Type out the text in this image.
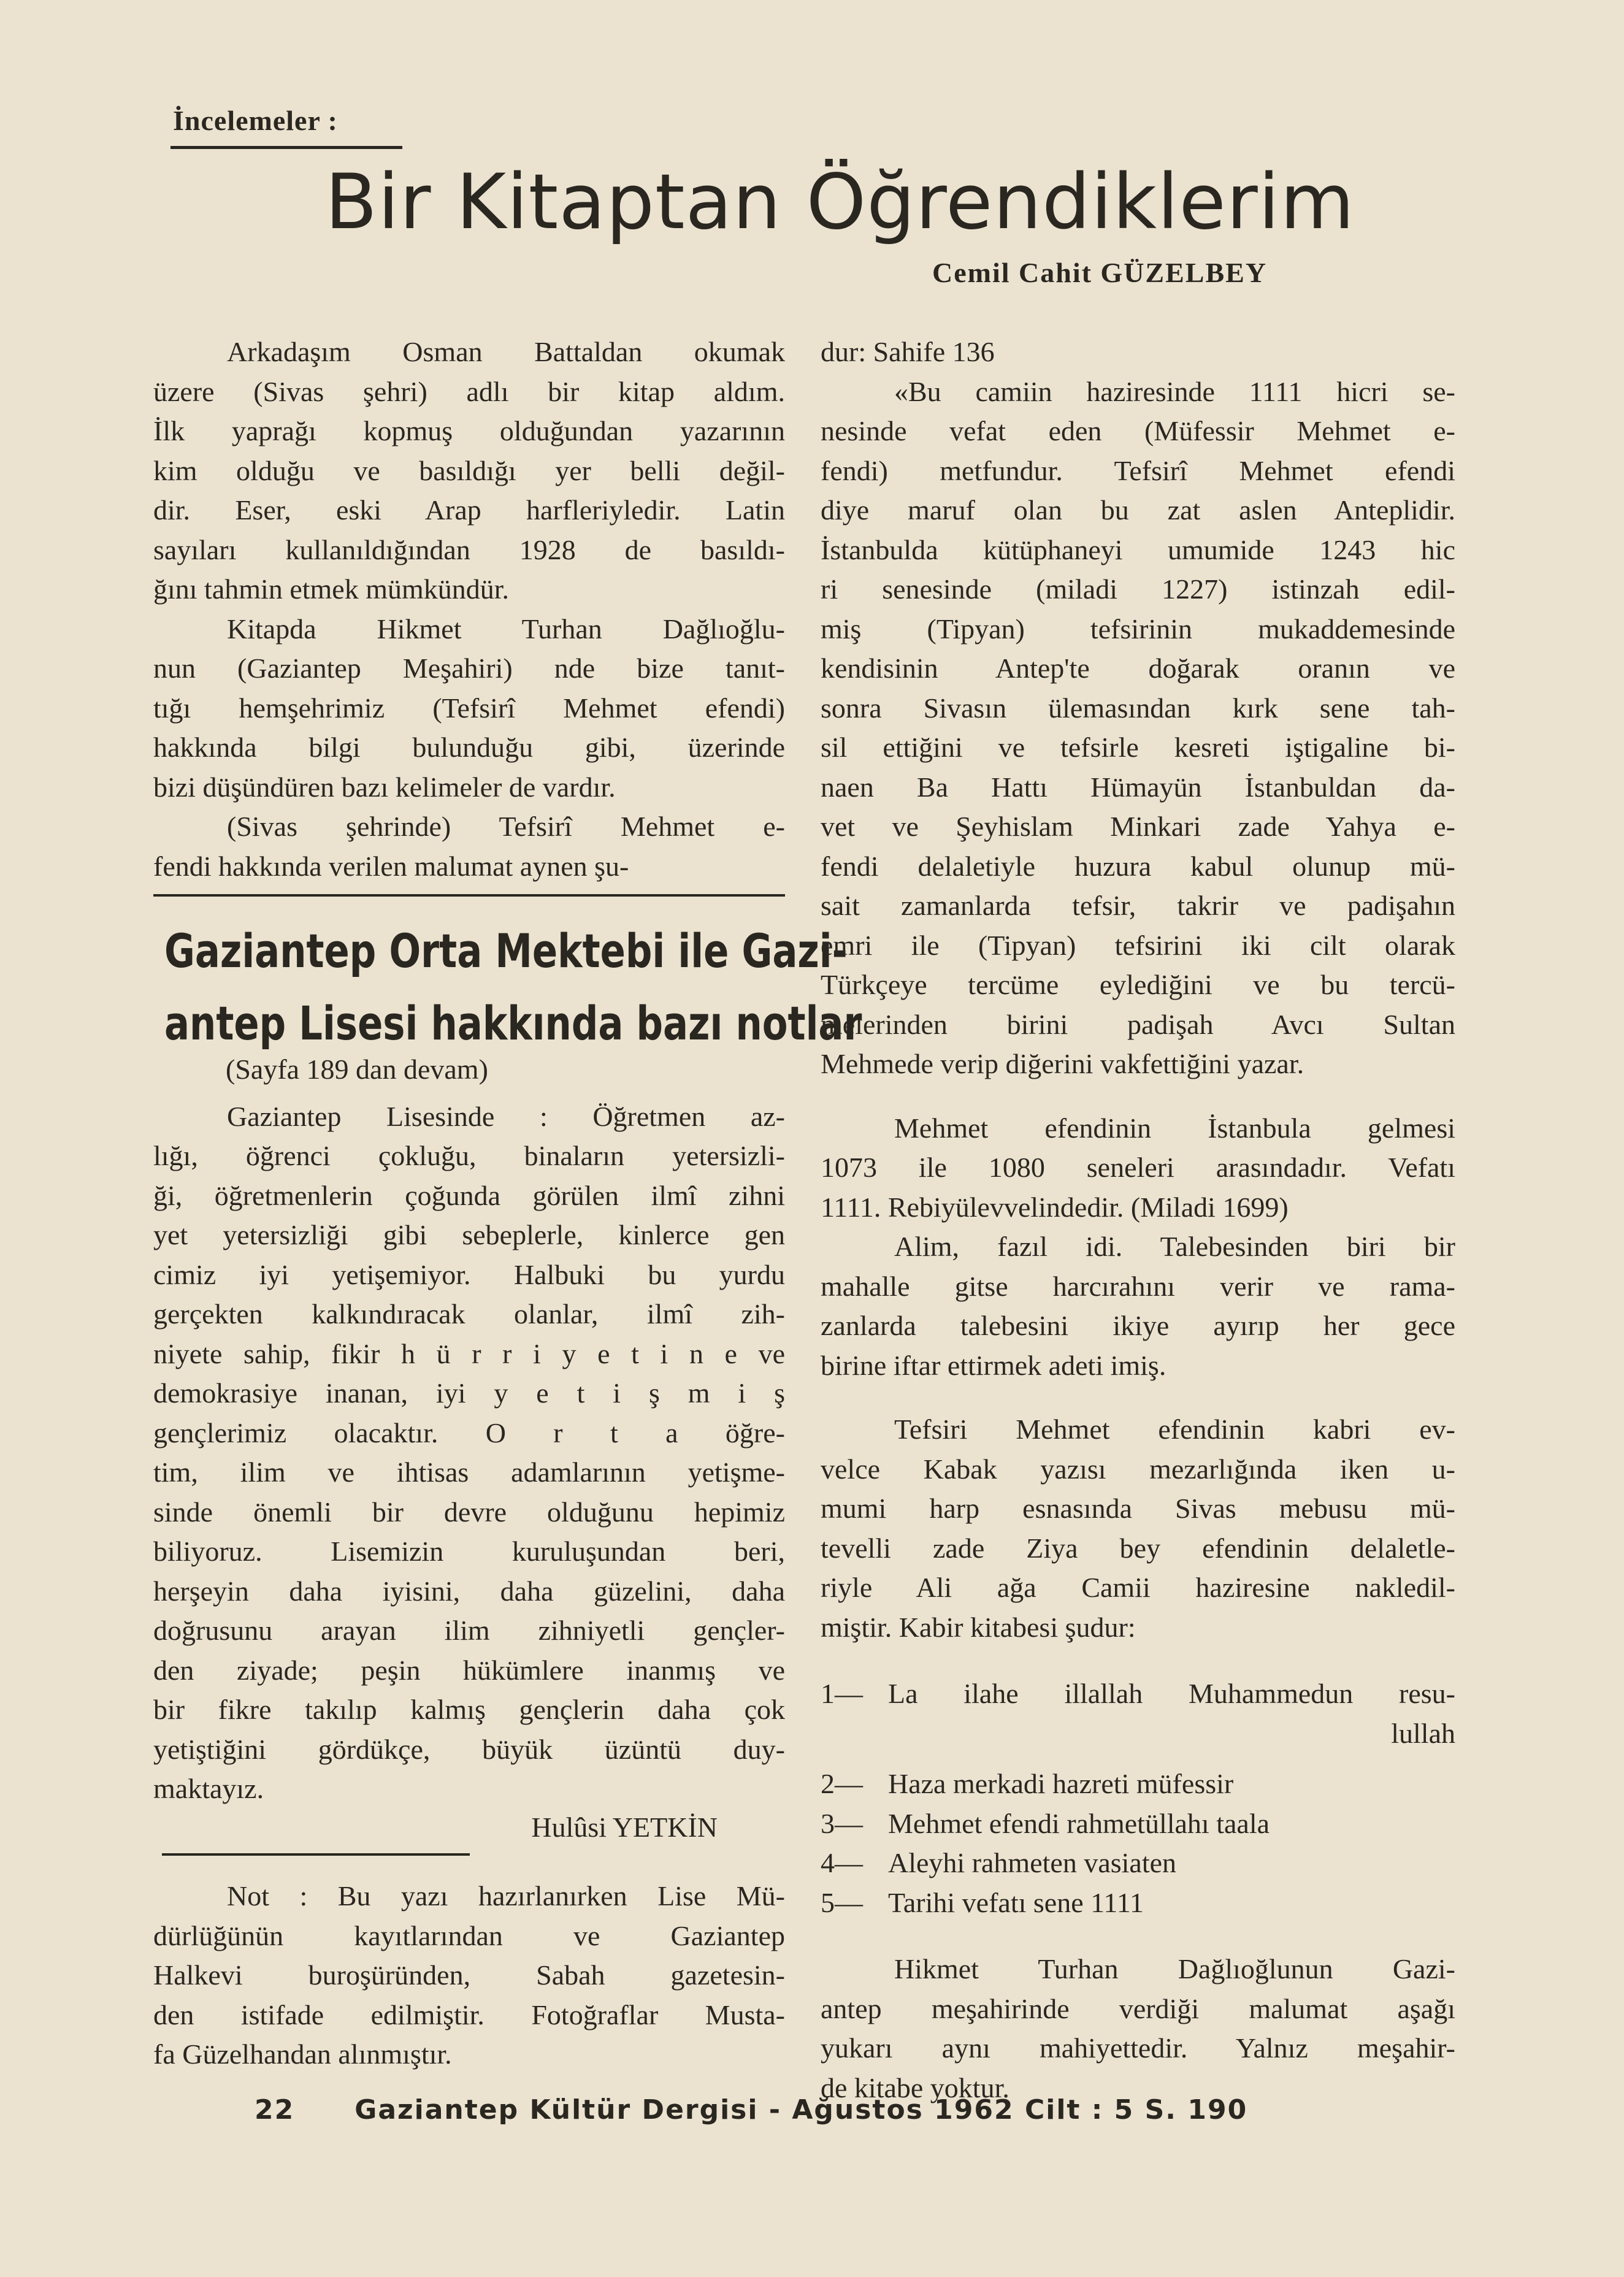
İncelemeler :
Bir Kitaptan Öğrendiklerim
Cemil Cahit GÜZELBEY

Arkadaşım Osman Battaldan okumak

üzere (Sivas şehri) adlı bir kitap aldım.

İlk yaprağı kopmuş olduğundan yazarının

kim olduğu ve basıldığı yer belli değil-

dir. Eser, eski Arap harfleriyledir. Latin

sayıları kullanıldığından 1928 de basıldı-

ğını tahmin etmek mümkündür.

Kitapda Hikmet Turhan Dağlıoğlu-

nun (Gaziantep Meşahiri) nde bize tanıt-

tığı hemşehrimiz (Tefsirî Mehmet efendi)

hakkında bilgi bulunduğu gibi, üzerinde

bizi düşündüren bazı kelimeler de vardır.

(Sivas şehrinde) Tefsirî Mehmet e-

fendi hakkında verilen malumat aynen şu-

Gaziantep Orta Mektebi ile Gazi-
antep Lisesi hakkında bazı notlar
(Sayfa 189 dan devam)

Gaziantep Lisesinde : Öğretmen az-

lığı, öğrenci çokluğu, binaların yetersizli-

ği, öğretmenlerin çoğunda görülen ilmî zihni

yet yetersizliği gibi sebeplerle, kinlerce gen

cimiz iyi yetişemiyor. Halbuki bu yurdu

gerçekten kalkındıracak olanlar, ilmî zih-

niyete sahip, fikir h ü r r i y e t i n e ve

demokrasiye inanan, iyi y e t i ş m i ş

gençlerimiz olacaktır. O r t a öğre-

tim, ilim ve ihtisas adamlarının yetişme-

sinde önemli bir devre olduğunu hepimiz

biliyoruz. Lisemizin kuruluşundan beri,

herşeyin daha iyisini, daha güzelini, daha

doğrusunu arayan ilim zihniyetli gençler-

den ziyade; peşin hükümlere inanmış ve

bir fikre takılıp kalmış gençlerin daha çok

yetiştiğini gördükçe, büyük üzüntü duy-

maktayız.

Hulûsi YETKİN

Not : Bu yazı hazırlanırken Lise Mü-

dürlüğünün kayıtlarından ve Gaziantep

Halkevi buroşüründen, Sabah gazetesin-

den istifade edilmiştir. Fotoğraflar Musta-

fa Güzelhandan alınmıştır.

dur: Sahife 136

«Bu camiin haziresinde 1111 hicri se-

nesinde vefat eden (Müfessir Mehmet e-

fendi) metfundur. Tefsirî Mehmet efendi

diye maruf olan bu zat aslen Anteplidir.

İstanbulda kütüphaneyi umumide 1243 hic

ri senesinde (miladi 1227) istinzah edil-

miş (Tipyan) tefsirinin mukaddemesinde

kendisinin Antep'te doğarak oranın ve

sonra Sivasın ülemasından kırk sene tah-

sil ettiğini ve tefsirle kesreti iştigaline bi-

naen Ba Hattı Hümayün İstanbuldan da-

vet ve Şeyhislam Minkari zade Yahya e-

fendi delaletiyle huzura kabul olunup mü-

sait zamanlarda tefsir, takrir ve padişahın

emri ile (Tipyan) tefsirini iki cilt olarak

Türkçeye tercüme eylediğini ve bu tercü-

melerinden birini padişah Avcı Sultan

Mehmede verip diğerini vakfettiğini yazar.

Mehmet efendinin İstanbula gelmesi

1073 ile 1080 seneleri arasındadır. Vefatı

1111. Rebiyülevvelindedir. (Miladi 1699)

Alim, fazıl idi. Talebesinden biri bir

mahalle gitse harcırahını verir ve rama-

zanlarda talebesini ikiye ayırıp her gece

birine iftar ettirmek adeti imiş.

Tefsiri Mehmet efendinin kabri ev-

velce Kabak yazısı mezarlığında iken u-

mumi harp esnasında Sivas mebusu mü-

tevelli zade Ziya bey efendinin delaletle-

riyle Ali ağa Camii haziresine nakledil-

miştir. Kabir kitabesi şudur:

1— La ilahe illallah Muhammedun resu-
lullah
2— Haza merkadi hazreti müfessir
3— Mehmet efendi rahmetüllahı taala
4— Aleyhi rahmeten vasiaten
5— Tarihi vefatı sene 1111

Hikmet Turhan Dağlıoğlunun Gazi-

antep meşahirinde verdiği malumat aşağı

yukarı aynı mahiyettedir. Yalnız meşahir-

de kitabe yoktur.

22 Gaziantep Kültür Dergisi - Ağustos 1962 Cilt : 5 S. 190
